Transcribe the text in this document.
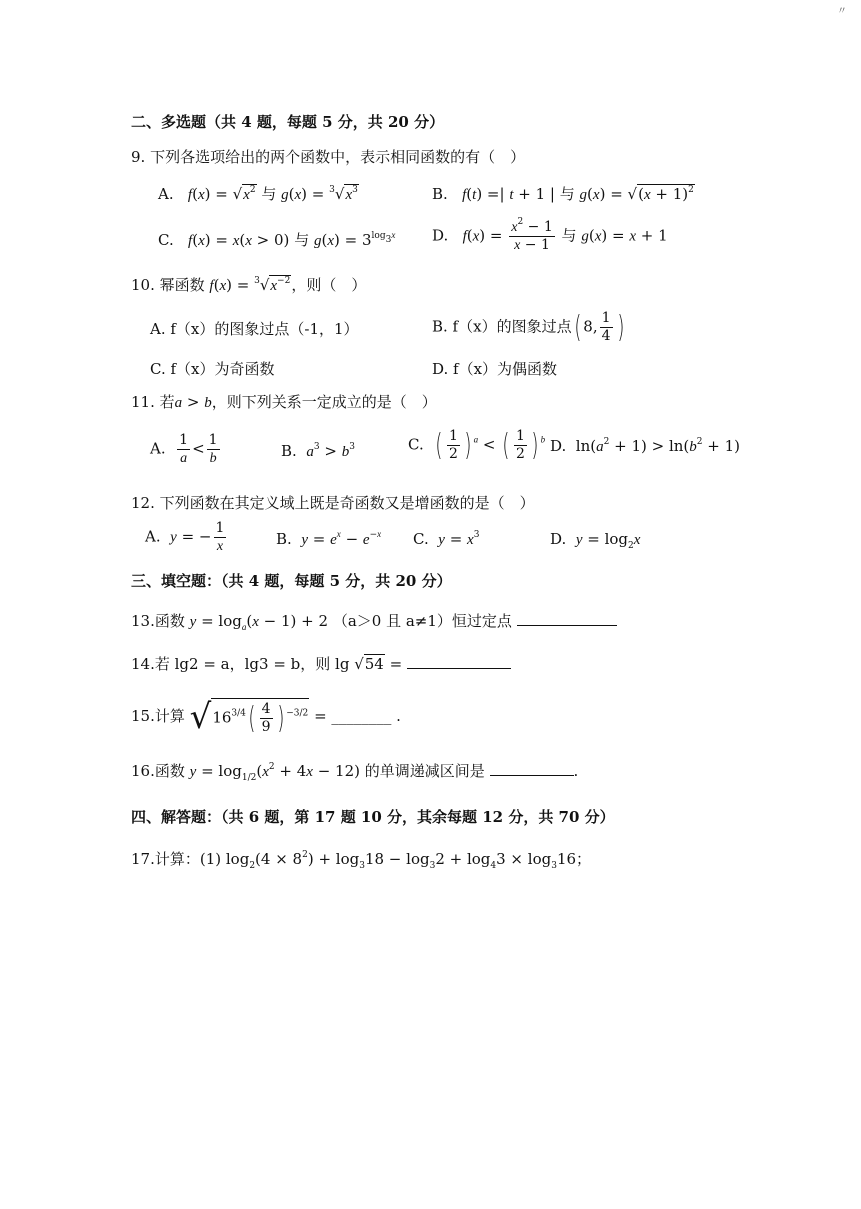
〃
二、多选题（共 4 题，每题 5 分，共 20 分）
9. 下列各选项给出的两个函数中，表示相同函数的有（　）
A. $f(x) = √x^2$ 与 $g(x) = ^3√x^3$	B. f(t) =| t + 1 | 与 $g(x) = √(x + 1)^2$
C. f(x) = x(x > 0) 与 $g(x) = 3^{log_3x}$ D. $f(x) = \frac{x^2 - 1}{x - 1}$ 与 g(x) = x + 1
10. 幂函数 $f(x) = ^3√x^{-2}$，则（　）
A. f（x）的图象过点（-1，1）	B. f（x）的图象过点( 8, $\frac{1}{4}$ )
C. f（x）为奇函数	D. f（x）为偶函数
11. 若a > b，则下列关系一定成立的是（　）
A. $\frac{1}{a} < \frac{1}{b}$	B. $a^3 > b^3$	C. ( $\frac{1}{2}$ ) $^a$ < ( $\frac{1}{2}$ ) $^b$ D.  $\ln(a^2 + 1) > \ln(b^2 + 1)$
12. 下列函数在其定义域上既是奇函数又是增函数的是（　）
A. y = − $\frac{1}{x}$	B. $y = e^x - e^{-x}$ C. $y = x^3$	D. $y = \log_2x$
三、填空题：（共 4 题，每题 5 分，共 20 分）
13.函数 $y = \log_a(x - 1) + 2$ （a＞0 且 a≠1）恒过定点
14.若 lg2 = a，lg3 = b，则 lg √54 =
15.计算 $√16^{3/4}( \frac{4}{9}$ ) $^{-3/2}$ = ________ .
16.函数 $y = \log_{1/2}(x^2 + 4x - 12)$ 的单调递减区间是	.
四、解答题：（共 6 题，第 17 题 10 分，其余每题 12 分，共 70 分）
17.计算：(1) $\log_2(4 \times 8^2) + \log_318 - \log_32 + \log_43 \times \log_316$；
